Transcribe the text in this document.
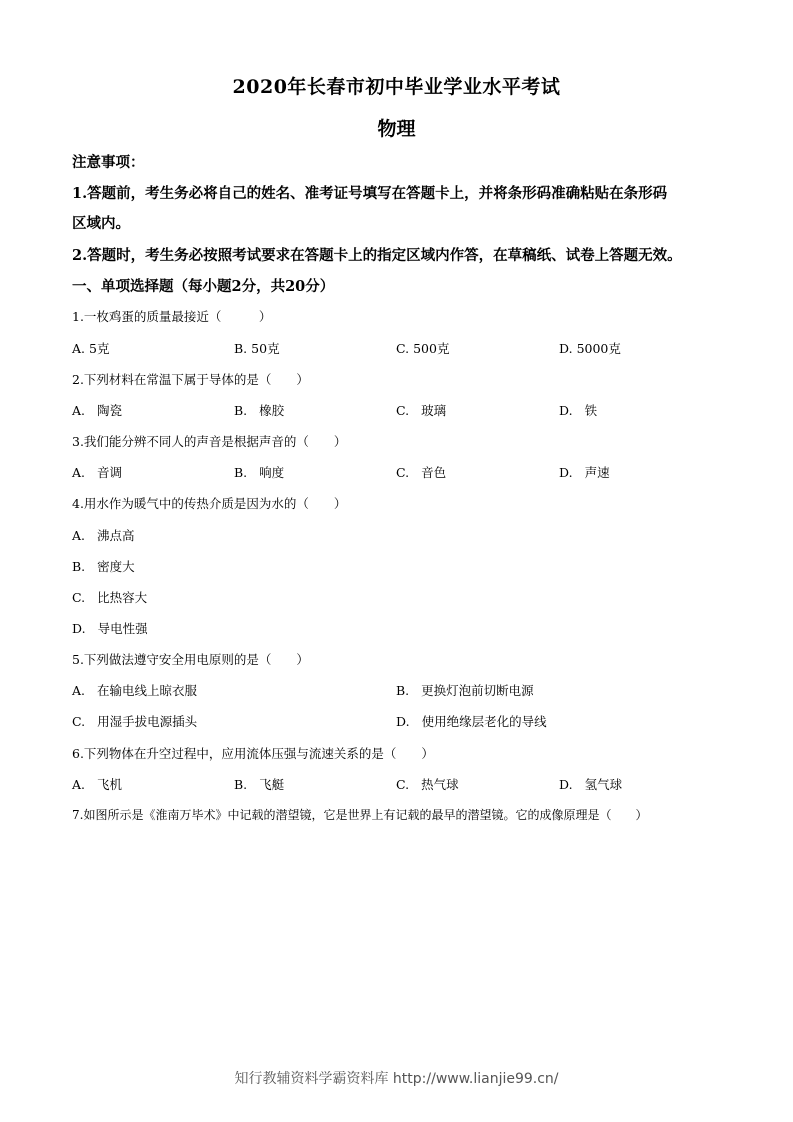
2020年长春市初中毕业学业水平考试
物理
注意事项：
1.答题前，考生务必将自己的姓名、准考证号填写在答题卡上，并将条形码准确粘贴在条形码
区域内。
2.答题时，考生务必按照考试要求在答题卡上的指定区域内作答，在草稿纸、试卷上答题无效。
一、单项选择题（每小题2分，共20分）
1.一枚鸡蛋的质量最接近（　　　）
A. 5克	B. 50克	C. 500克	D. 5000克
2.下列材料在常温下属于导体的是（　　）
A. 陶瓷	B. 橡胶	C. 玻璃	D. 铁
3.我们能分辨不同人的声音是根据声音的（　　）
A. 音调	B. 响度	C. 音色	D. 声速
4.用水作为暖气中的传热介质是因为水的（　　）
A. 沸点高
B. 密度大
C. 比热容大
D. 导电性强
5.下列做法遵守安全用电原则的是（　　）
A. 在输电线上晾衣服	B. 更换灯泡前切断电源
C. 用湿手拔电源插头	D. 使用绝缘层老化的导线
6.下列物体在升空过程中，应用流体压强与流速关系的是（　　）
A. 飞机	B. 飞艇	C. 热气球	D. 氢气球
7.如图所示是《淮南万毕术》中记载的潜望镜，它是世界上有记载的最早的潜望镜。它的成像原理是（　　）
知行教辅资料学霸资料库 http://www.lianjie99.cn/
